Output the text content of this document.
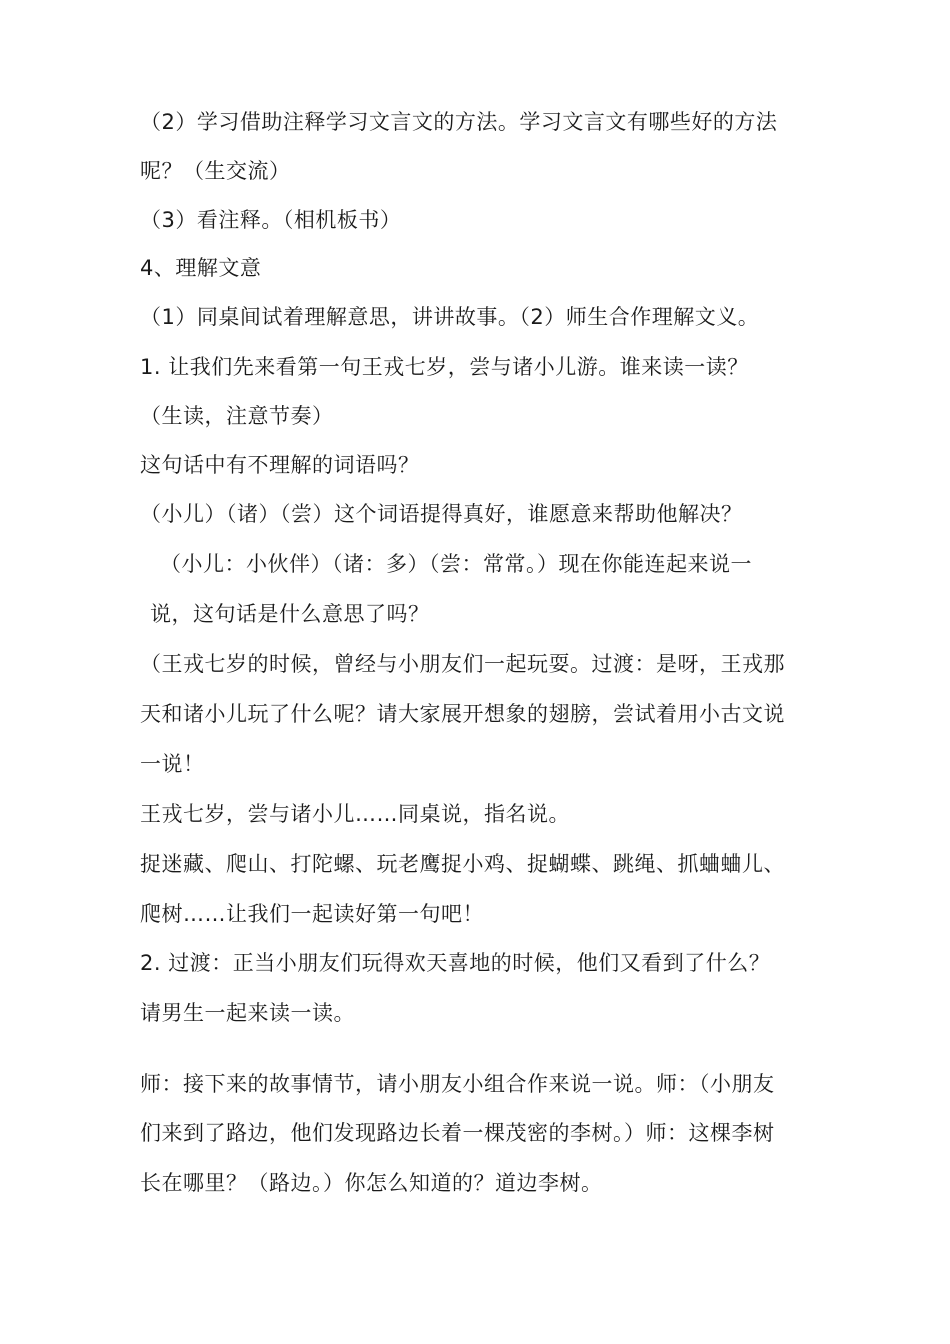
（2）学习借助注释学习文言文的方法。学习文言文有哪些好的方法
呢？（生交流）
（3）看注释。（相机板书）
4、理解文意
（1）同桌间试着理解意思，讲讲故事。（2）师生合作理解文义。
1. 让我们先来看第一句王戎七岁，尝与诸小儿游。谁来读一读？
（生读，注意节奏）
这句话中有不理解的词语吗？
（小儿）（诸）（尝）这个词语提得真好，谁愿意来帮助他解决？
（小儿：小伙伴）（诸：多）（尝：常常。）现在你能连起来说一
说，这句话是什么意思了吗？
（王戎七岁的时候，曾经与小朋友们一起玩耍。过渡：是呀，王戎那
天和诸小儿玩了什么呢？请大家展开想象的翅膀，尝试着用小古文说
一说！
王戎七岁，尝与诸小儿……同桌说，指名说。
捉迷藏、爬山、打陀螺、玩老鹰捉小鸡、捉蝴蝶、跳绳、抓蛐蛐儿、
爬树……让我们一起读好第一句吧！
2. 过渡：正当小朋友们玩得欢天喜地的时候，他们又看到了什么？
请男生一起来读一读。
师：接下来的故事情节，请小朋友小组合作来说一说。师：（小朋友
们来到了路边，他们发现路边长着一棵茂密的李树。）师：这棵李树
长在哪里？（路边。）你怎么知道的？道边李树。
